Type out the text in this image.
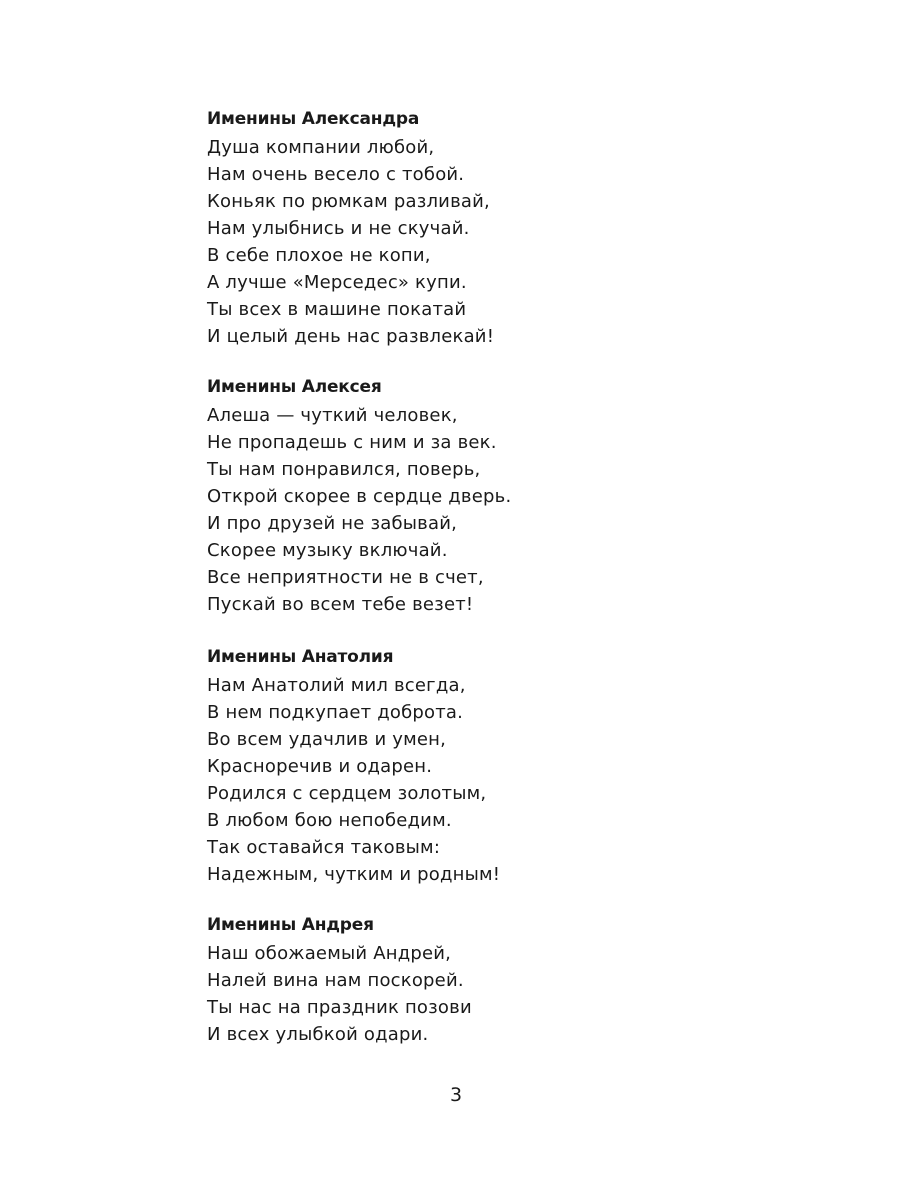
Именины Александра
Душа компании любой,
Нам очень весело с тобой.
Коньяк по рюмкам разливай,
Нам улыбнись и не скучай.
В себе плохое не копи,
А лучше «Мерседес» купи.
Ты всех в машине покатай
И целый день нас развлекай!
Именины Алексея
Алеша — чуткий человек,
Не пропадешь с ним и за век.
Ты нам понравился, поверь,
Открой скорее в сердце дверь.
И про друзей не забывай,
Скорее музыку включай.
Все неприятности не в счет,
Пускай во всем тебе везет!
Именины Анатолия
Нам Анатолий мил всегда,
В нем подкупает доброта.
Во всем удачлив и умен,
Красноречив и одарен.
Родился с сердцем золотым,
В любом бою непобедим.
Так оставайся таковым:
Надежным, чутким и родным!
Именины Андрея
Наш обожаемый Андрей,
Налей вина нам поскорей.
Ты нас на праздник позови
И всех улыбкой одари.
3
